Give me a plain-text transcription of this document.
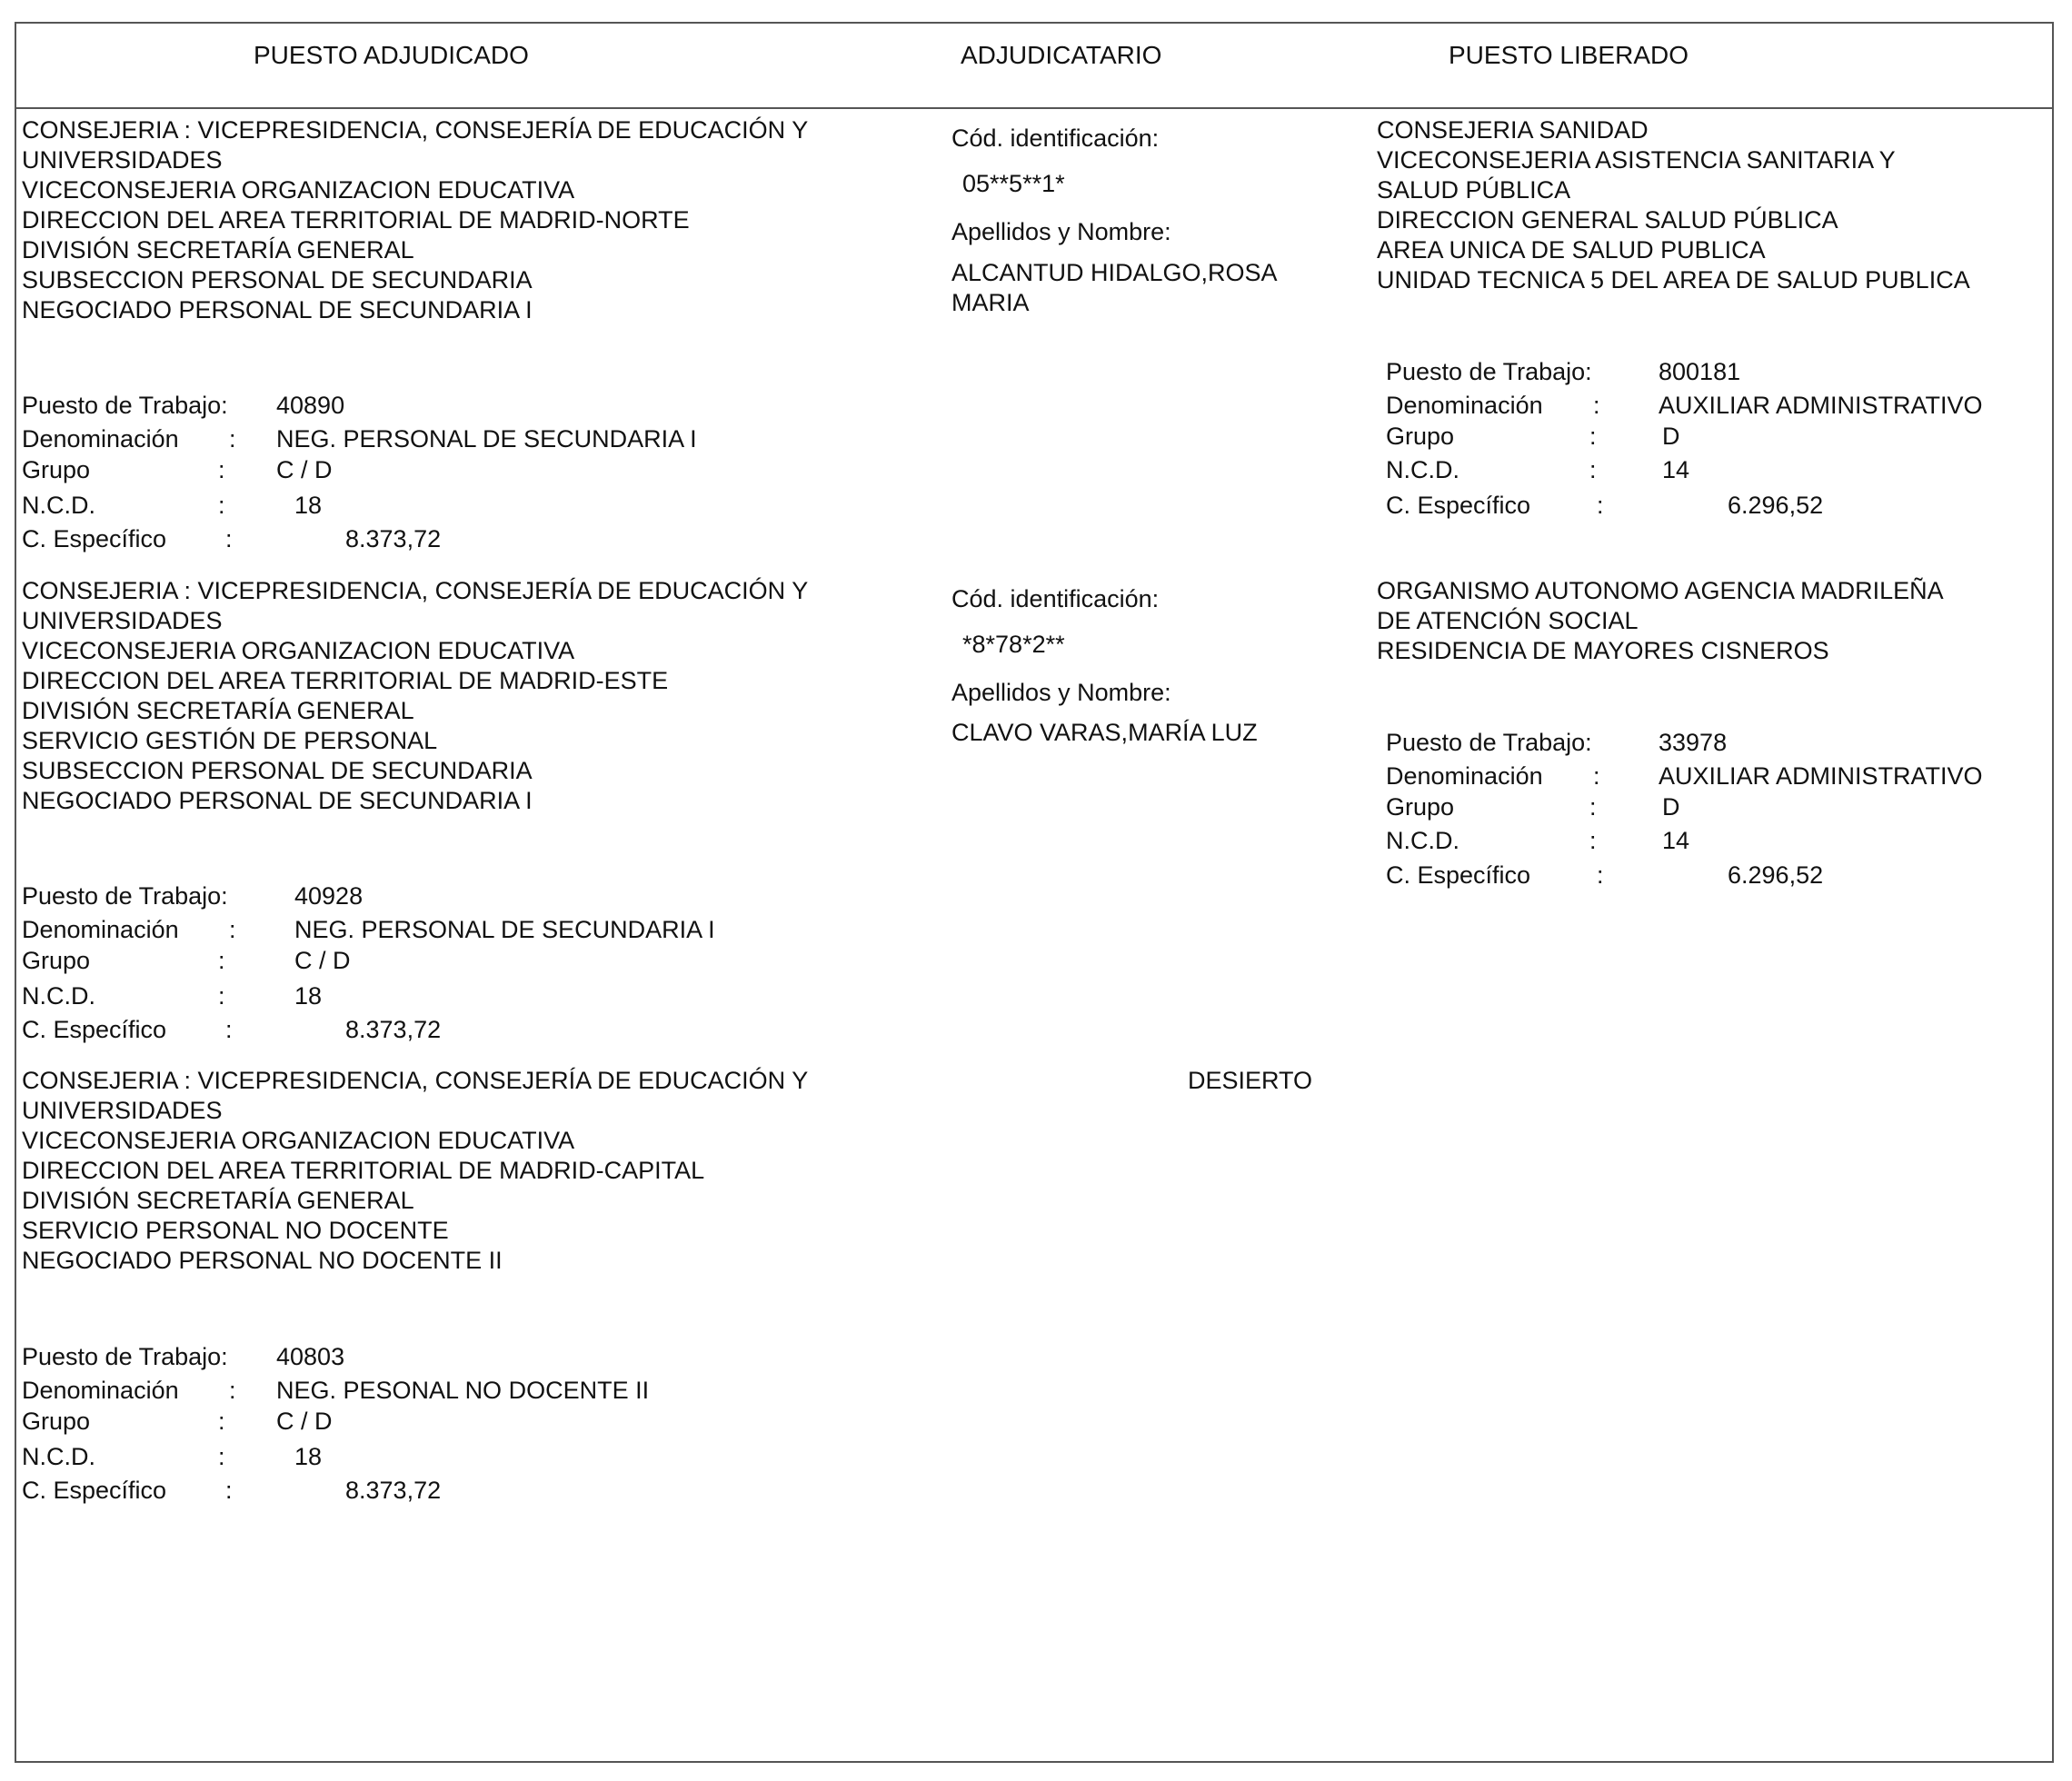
PUESTO ADJUDICADO	ADJUDICATARIO	PUESTO LIBERADO
CONSEJERIA : VICEPRESIDENCIA, CONSEJERÍA DE EDUCACIÓN Y
UNIVERSIDADES
VICECONSEJERIA ORGANIZACION EDUCATIVA
DIRECCION DEL AREA TERRITORIAL DE MADRID-NORTE
DIVISIÓN SECRETARÍA GENERAL
SUBSECCION PERSONAL DE SECUNDARIA
NEGOCIADO PERSONAL DE SECUNDARIA I
Puesto de Trabajo: 40890
Denominación : NEG. PERSONAL DE SECUNDARIA I
Grupo	: C / D
N.C.D.	:	18
C. Específico :	8.373,72
Cód. identificación:
05**5**1*
Apellidos y Nombre:
ALCANTUD HIDALGO,ROSA MARIA
CONSEJERIA SANIDAD
VICECONSEJERIA ASISTENCIA SANITARIA Y
SALUD PÚBLICA
DIRECCION GENERAL SALUD PÚBLICA
AREA UNICA DE SALUD PUBLICA
UNIDAD TECNICA 5 DEL AREA DE SALUD PUBLICA
Puesto de Trabajo:	800181
Denominación : AUXILIAR ADMINISTRATIVO
Grupo	:	D
N.C.D.	:	14
C. Específico	:	6.296,52
CONSEJERIA : VICEPRESIDENCIA, CONSEJERÍA DE EDUCACIÓN Y
UNIVERSIDADES
VICECONSEJERIA ORGANIZACION EDUCATIVA
DIRECCION DEL AREA TERRITORIAL DE MADRID-ESTE
DIVISIÓN SECRETARÍA GENERAL
SERVICIO GESTIÓN DE PERSONAL
SUBSECCION PERSONAL DE SECUNDARIA
NEGOCIADO PERSONAL DE SECUNDARIA I
Puesto de Trabajo:	40928
Denominación : NEG. PERSONAL DE SECUNDARIA I
Grupo	:	C / D
N.C.D.	:	18
C. Específico :	8.373,72
Cód. identificación:
*8*78*2**
Apellidos y Nombre:
CLAVO VARAS,MARÍA LUZ
ORGANISMO AUTONOMO AGENCIA MADRILEÑA
DE ATENCIÓN SOCIAL
RESIDENCIA DE MAYORES CISNEROS
Puesto de Trabajo:	33978
Denominación : AUXILIAR ADMINISTRATIVO
Grupo	:	D
N.C.D.	:	14
C. Específico	:	6.296,52
CONSEJERIA : VICEPRESIDENCIA, CONSEJERÍA DE EDUCACIÓN Y
UNIVERSIDADES
VICECONSEJERIA ORGANIZACION EDUCATIVA
DIRECCION DEL AREA TERRITORIAL DE MADRID-CAPITAL
DIVISIÓN SECRETARÍA GENERAL
SERVICIO PERSONAL NO DOCENTE
NEGOCIADO PERSONAL NO DOCENTE II
Puesto de Trabajo: 40803
Denominación : NEG. PESONAL NO DOCENTE II
Grupo	: C / D
N.C.D.	:	18
C. Específico :	8.373,72
DESIERTO
